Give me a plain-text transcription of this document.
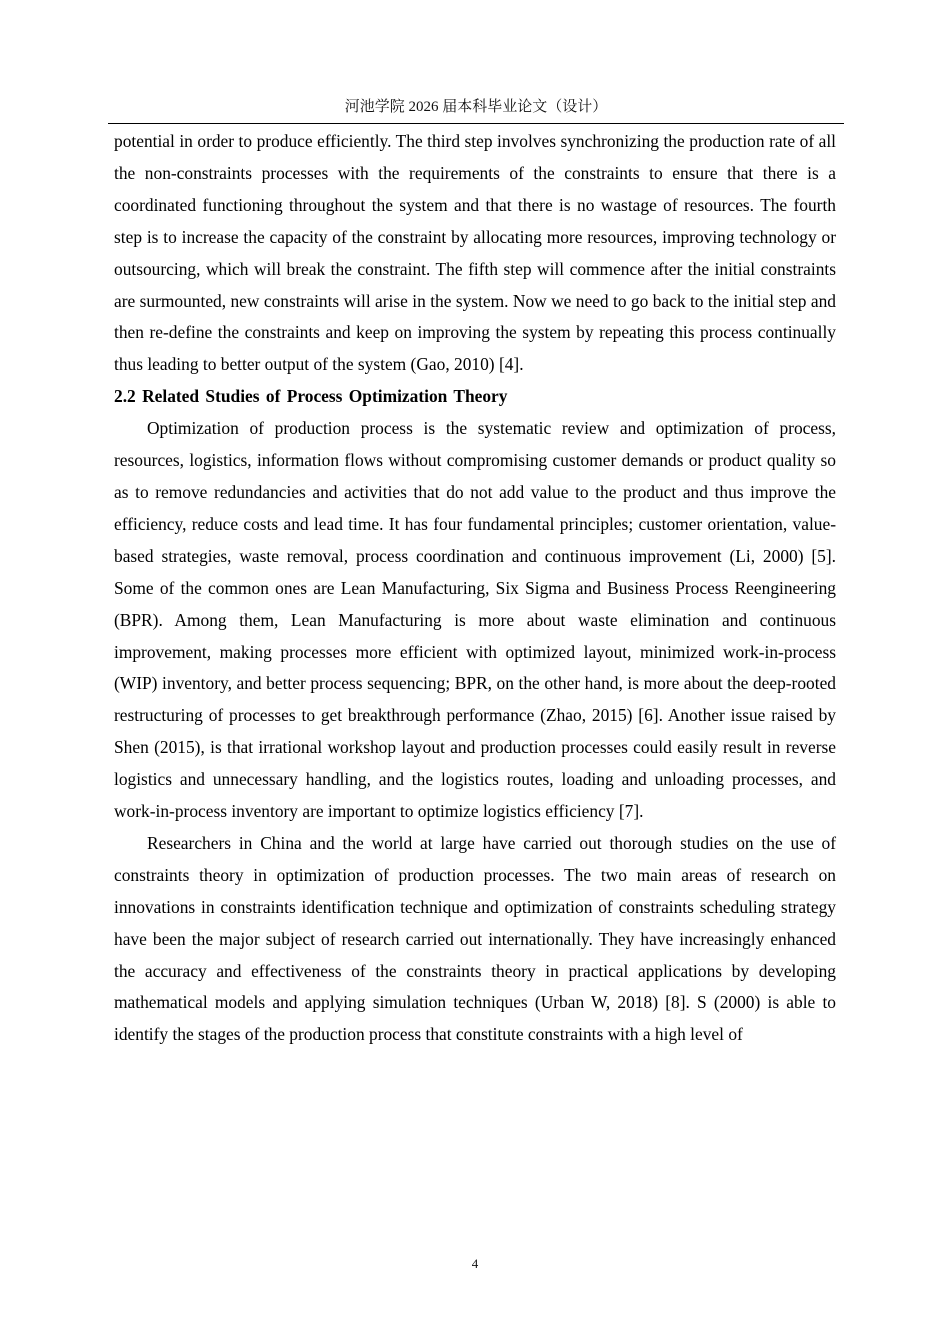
河池学院 2026 届本科毕业论文（设计）

potential in order to produce efficiently. The third step involves synchronizing the production rate of all the non-constraints processes with the requirements of the constraints to ensure that there is a coordinated functioning throughout the system and that there is no wastage of resources. The fourth step is to increase the capacity of the constraint by allocating more resources, improving technology or outsourcing, which will break the constraint. The fifth step will commence after the initial constraints are surmounted, new constraints will arise in the system. Now we need to go back to the initial step and then re-define the constraints and keep on improving the system by repeating this process continually thus leading to better output of the system (Gao, 2010) [4].

2.2 Related Studies of Process Optimization Theory

Optimization of production process is the systematic review and optimization of process, resources, logistics, information flows without compromising customer demands or product quality so as to remove redundancies and activities that do not add value to the product and thus improve the efficiency, reduce costs and lead time. It has four fundamental principles; customer orientation, value-based strategies, waste removal, process coordination and continuous improvement (Li, 2000) [5]. Some of the common ones are Lean Manufacturing, Six Sigma and Business Process Reengineering (BPR). Among them, Lean Manufacturing is more about waste elimination and continuous improvement, making processes more efficient with optimized layout, minimized work-in-process (WIP) inventory, and better process sequencing; BPR, on the other hand, is more about the deep-rooted restructuring of processes to get breakthrough performance (Zhao, 2015) [6]. Another issue raised by Shen (2015), is that irrational workshop layout and production processes could easily result in reverse logistics and unnecessary handling, and the logistics routes, loading and unloading processes, and work-in-process inventory are important to optimize logistics efficiency [7].

Researchers in China and the world at large have carried out thorough studies on the use of constraints theory in optimization of production processes. The two main areas of research on innovations in constraints identification technique and optimization of constraints scheduling strategy have been the major subject of research carried out internationally. They have increasingly enhanced the accuracy and effectiveness of the constraints theory in practical applications by developing mathematical models and applying simulation techniques (Urban W, 2018) [8]. S (2000) is able to identify the stages of the production process that constitute constraints with a high level of

4
